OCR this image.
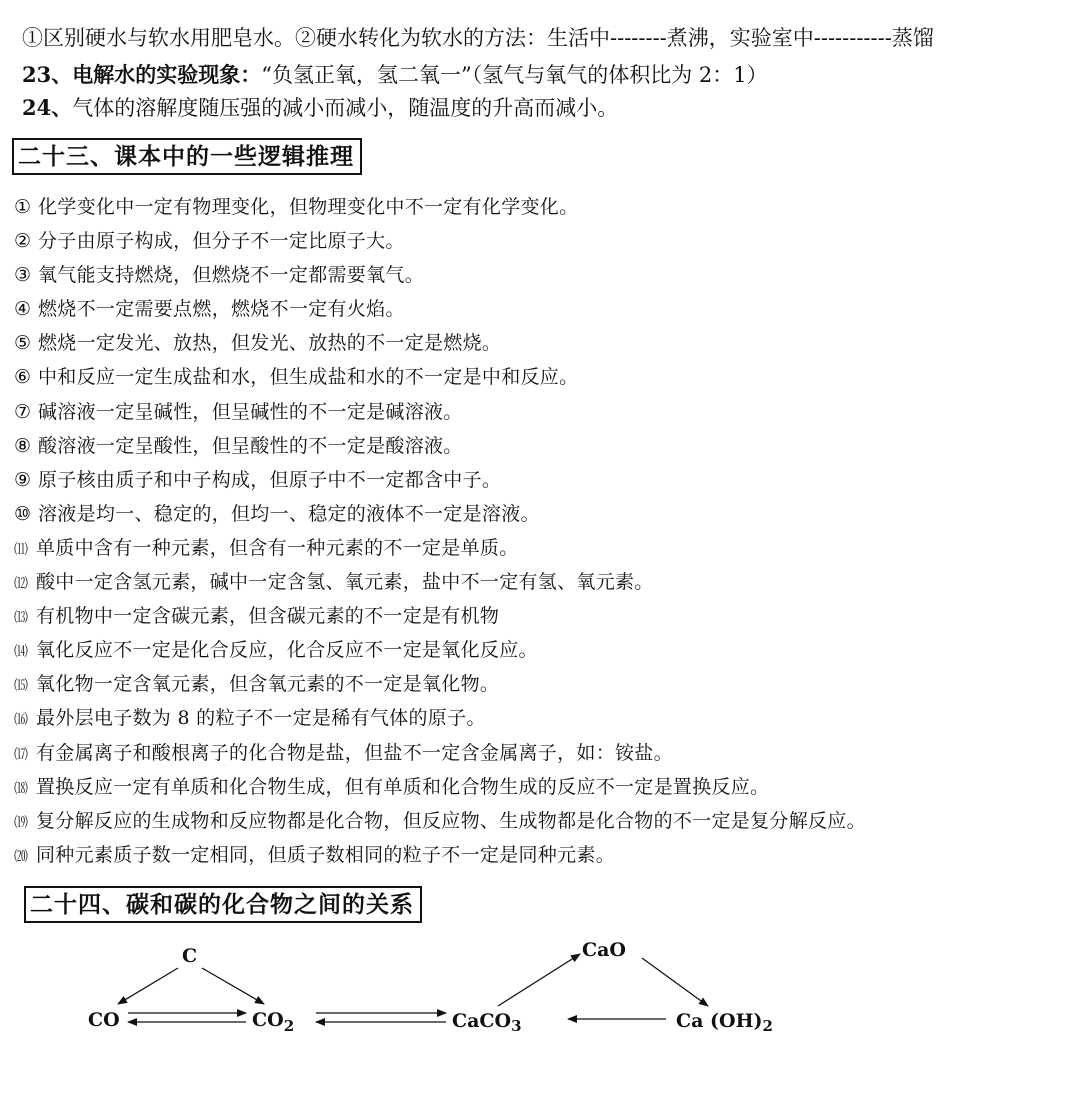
①区别硬水与软水用肥皂水。②硬水转化为软水的方法：生活中--------煮沸，实验室中-----------蒸馏
23、电解水的实验现象：“负氢正氧，氢二氧一”（氢气与氧气的体积比为 2：1）
24、气体的溶解度随压强的减小而减小，随温度的升高而减小。
二十三、课本中的一些逻辑推理
① 化学变化中一定有物理变化，但物理变化中不一定有化学变化。
② 分子由原子构成，但分子不一定比原子大。
③ 氧气能支持燃烧，但燃烧不一定都需要氧气。
④ 燃烧不一定需要点燃，燃烧不一定有火焰。
⑤ 燃烧一定发光、放热，但发光、放热的不一定是燃烧。
⑥ 中和反应一定生成盐和水，但生成盐和水的不一定是中和反应。
⑦ 碱溶液一定呈碱性，但呈碱性的不一定是碱溶液。
⑧ 酸溶液一定呈酸性，但呈酸性的不一定是酸溶液。
⑨ 原子核由质子和中子构成，但原子中不一定都含中子。
⑩ 溶液是均一、稳定的，但均一、稳定的液体不一定是溶液。
⑾ 单质中含有一种元素，但含有一种元素的不一定是单质。
⑿ 酸中一定含氢元素，碱中一定含氢、氧元素，盐中不一定有氢、氧元素。
⒀ 有机物中一定含碳元素，但含碳元素的不一定是有机物
⒁ 氧化反应不一定是化合反应，化合反应不一定是氧化反应。
⒂ 氧化物一定含氧元素，但含氧元素的不一定是氧化物。
⒃ 最外层电子数为 8 的粒子不一定是稀有气体的原子。
⒄ 有金属离子和酸根离子的化合物是盐，但盐不一定含金属离子，如：铵盐。
⒅ 置换反应一定有单质和化合物生成，但有单质和化合物生成的反应不一定是置换反应。
⒆ 复分解反应的生成物和反应物都是化合物，但反应物、生成物都是化合物的不一定是复分解反应。
⒇ 同种元素质子数一定相同，但质子数相同的粒子不一定是同种元素。
二十四、碳和碳的化合物之间的关系
C
CO	$CO_2$	CaCO$_3$
CaO
Ca $(OH)_2$
